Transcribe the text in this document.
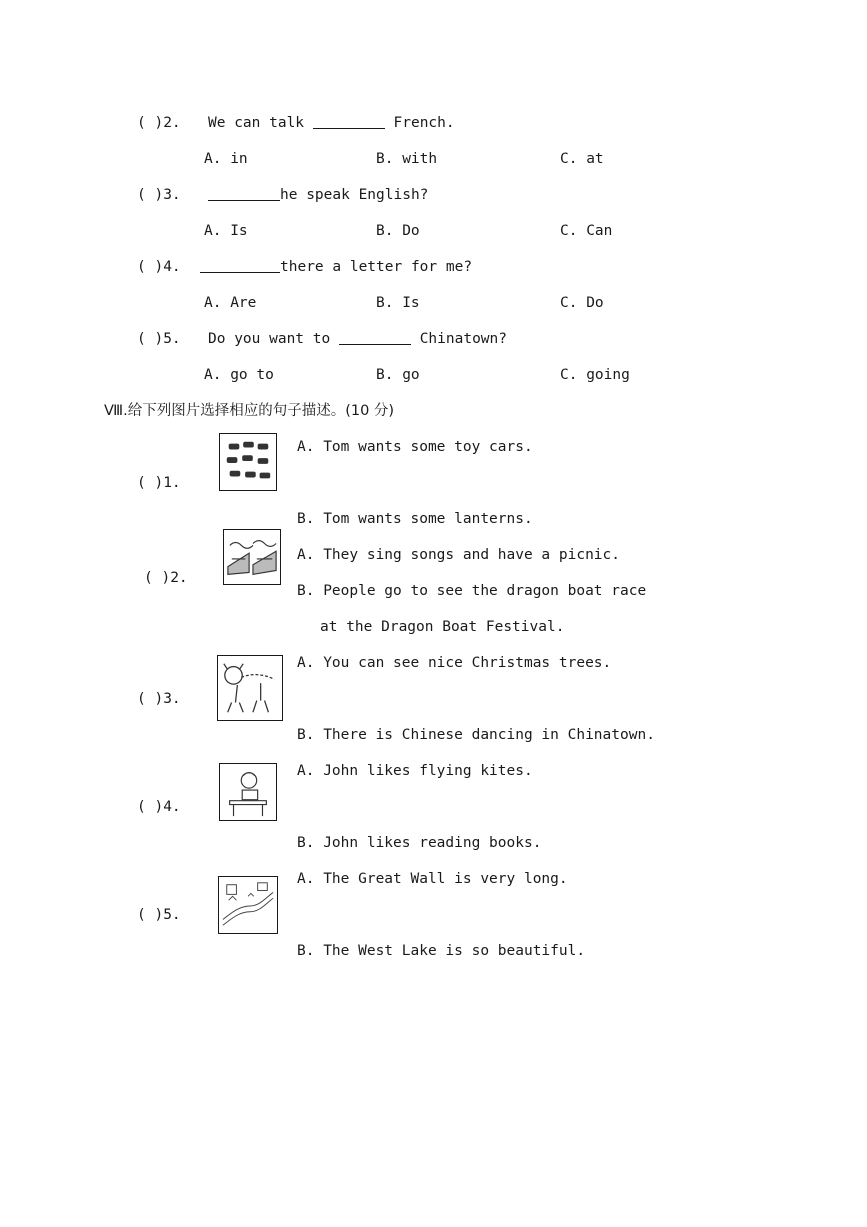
( )2. We can talk	French.
A. in	B. with	C. at
( )3.	he speak English?
A. Is	B. Do	C. Can
( )4.	there a letter for me?
A. Are	B. Is	C. Do
( )5. Do you want to	Chinatown?
A. go to	B. go	C. going
Ⅷ.给下列图片选择相应的句子描述。(10 分)
( )1.
A. Tom wants some toy cars.
B. Tom wants some lanterns.
( )2.
A. They sing songs and have a picnic.
B. People go to see the dragon boat race
at the Dragon Boat Festival.
( )3.
A. You can see nice Christmas trees.
B. There is Chinese dancing in Chinatown.
( )4.
A. John likes flying kites.
B. John likes reading books.
( )5.
A. The Great Wall is very long.
B. The West Lake is so beautiful.
